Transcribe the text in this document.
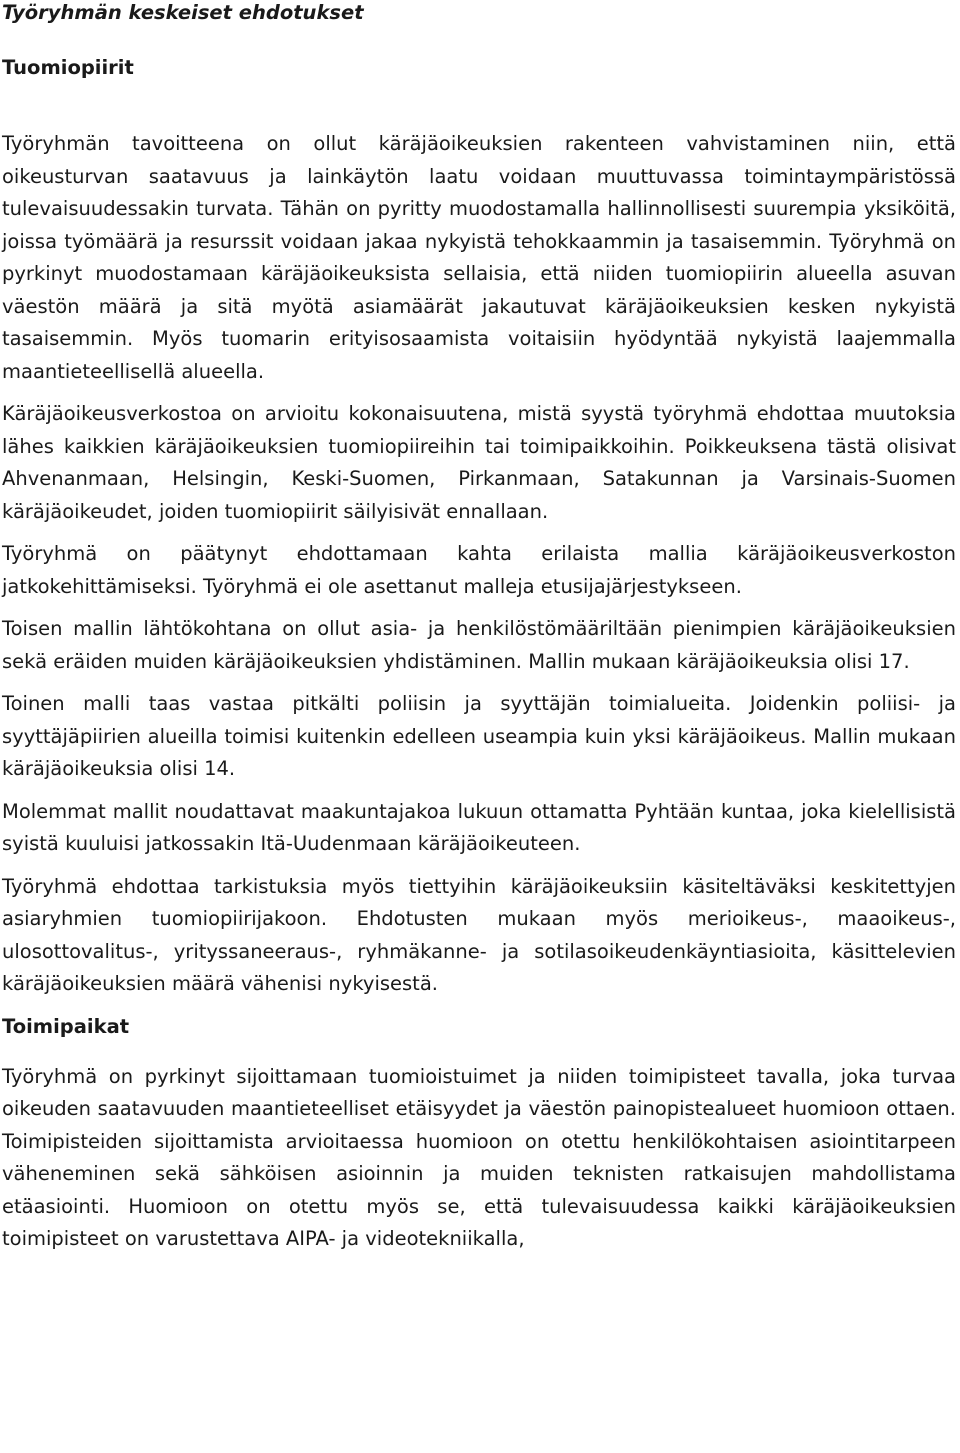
Työryhmän keskeiset ehdotukset
Tuomiopiirit

Työryhmän tavoitteena on ollut käräjäoikeuksien rakenteen vahvistaminen niin, että oikeusturvan saatavuus ja lainkäytön laatu voidaan muuttuvassa toimintaympäristössä tulevaisuudessakin turvata. Tähän on pyritty muodostamalla hallinnollisesti suurempia yksiköitä, joissa työmäärä ja resurssit voidaan jakaa nykyistä tehokkaammin ja tasaisemmin. Työryhmä on pyrkinyt muodostamaan käräjäoikeuksista sellaisia, että niiden tuomiopiirin alueella asuvan väestön määrä ja sitä myötä asiamäärät jakautuvat käräjäoikeuksien kesken nykyistä tasaisemmin. Myös tuomarin erityisosaamista voitaisiin hyödyntää nykyistä laajemmalla maantieteellisellä alueella.

Käräjäoikeusverkostoa on arvioitu kokonaisuutena, mistä syystä työryhmä ehdottaa muutoksia lähes kaikkien käräjäoikeuksien tuomiopiireihin tai toimipaikkoihin. Poikkeuksena tästä olisivat Ahvenanmaan, Helsingin, Keski-Suomen, Pirkanmaan, Satakunnan ja Varsinais-Suomen käräjäoikeudet, joiden tuomiopiirit säilyisivät ennallaan.

Työryhmä on päätynyt ehdottamaan kahta erilaista mallia käräjäoikeusverkoston jatkokehittämiseksi. Työryhmä ei ole asettanut malleja etusijajärjestykseen.

Toisen mallin lähtökohtana on ollut asia- ja henkilöstömääriltään pienimpien käräjäoikeuksien sekä eräiden muiden käräjäoikeuksien yhdistäminen. Mallin mukaan käräjäoikeuksia olisi 17.

Toinen malli taas vastaa pitkälti poliisin ja syyttäjän toimialueita. Joidenkin poliisi- ja syyttäjäpiirien alueilla toimisi kuitenkin edelleen useampia kuin yksi käräjäoikeus. Mallin mukaan käräjäoikeuksia olisi 14.

Molemmat mallit noudattavat maakuntajakoa lukuun ottamatta Pyhtään kuntaa, joka kielellisistä syistä kuuluisi jatkossakin Itä-Uudenmaan käräjäoikeuteen.

Työryhmä ehdottaa tarkistuksia myös tiettyihin käräjäoikeuksiin käsiteltäväksi keskitettyjen asiaryhmien tuomiopiirijakoon. Ehdotusten mukaan myös merioikeus-, maaoikeus-, ulosottovalitus-, yrityssaneeraus-, ryhmäkanne- ja sotilasoikeudenkäyntiasioita, käsittelevien käräjäoikeuksien määrä vähenisi nykyisestä.

Toimipaikat

Työryhmä on pyrkinyt sijoittamaan tuomioistuimet ja niiden toimipisteet tavalla, joka turvaa oikeuden saatavuuden maantieteelliset etäisyydet ja väestön painopistealueet huomioon ottaen. Toimipisteiden sijoittamista arvioitaessa huomioon on otettu henkilökohtaisen asiointitarpeen väheneminen sekä sähköisen asioinnin ja muiden teknisten ratkaisujen mahdollistama etäasiointi. Huomioon on otettu myös se, että tulevaisuudessa kaikki käräjäoikeuksien toimipisteet on varustettava AIPA- ja videotekniikalla,
